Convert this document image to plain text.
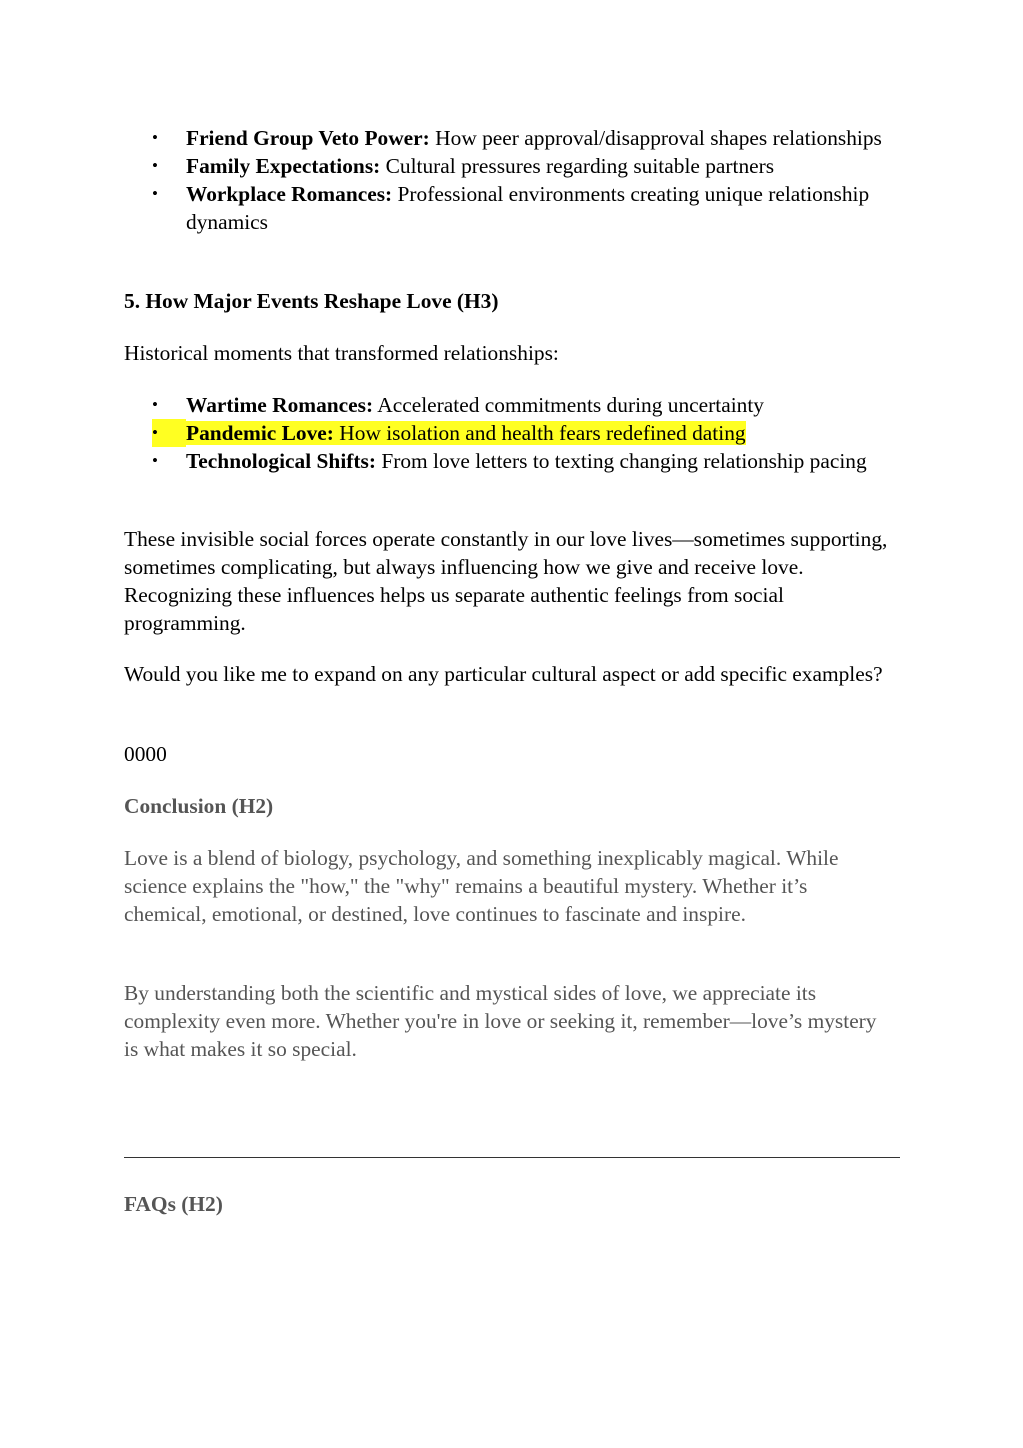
•	Friend Group Veto Power: How peer approval/disapproval shapes relationships
•	Family Expectations: Cultural pressures regarding suitable partners
•	Workplace Romances: Professional environments creating unique relationship dynamics
5. How Major Events Reshape Love (H3)
Historical moments that transformed relationships:
•	Wartime Romances: Accelerated commitments during uncertainty
•	Pandemic Love: How isolation and health fears redefined dating
•	Technological Shifts: From love letters to texting changing relationship pacing
These invisible social forces operate constantly in our love lives—sometimes supporting, sometimes complicating, but always influencing how we give and receive love. Recognizing these influences helps us separate authentic feelings from social programming.
Would you like me to expand on any particular cultural aspect or add specific examples?
0000
Conclusion (H2)
Love is a blend of biology, psychology, and something inexplicably magical. While science explains the "how," the "why" remains a beautiful mystery. Whether it’s chemical, emotional, or destined, love continues to fascinate and inspire.
By understanding both the scientific and mystical sides of love, we appreciate its complexity even more. Whether you're in love or seeking it, remember—love’s mystery is what makes it so special.
FAQs (H2)
